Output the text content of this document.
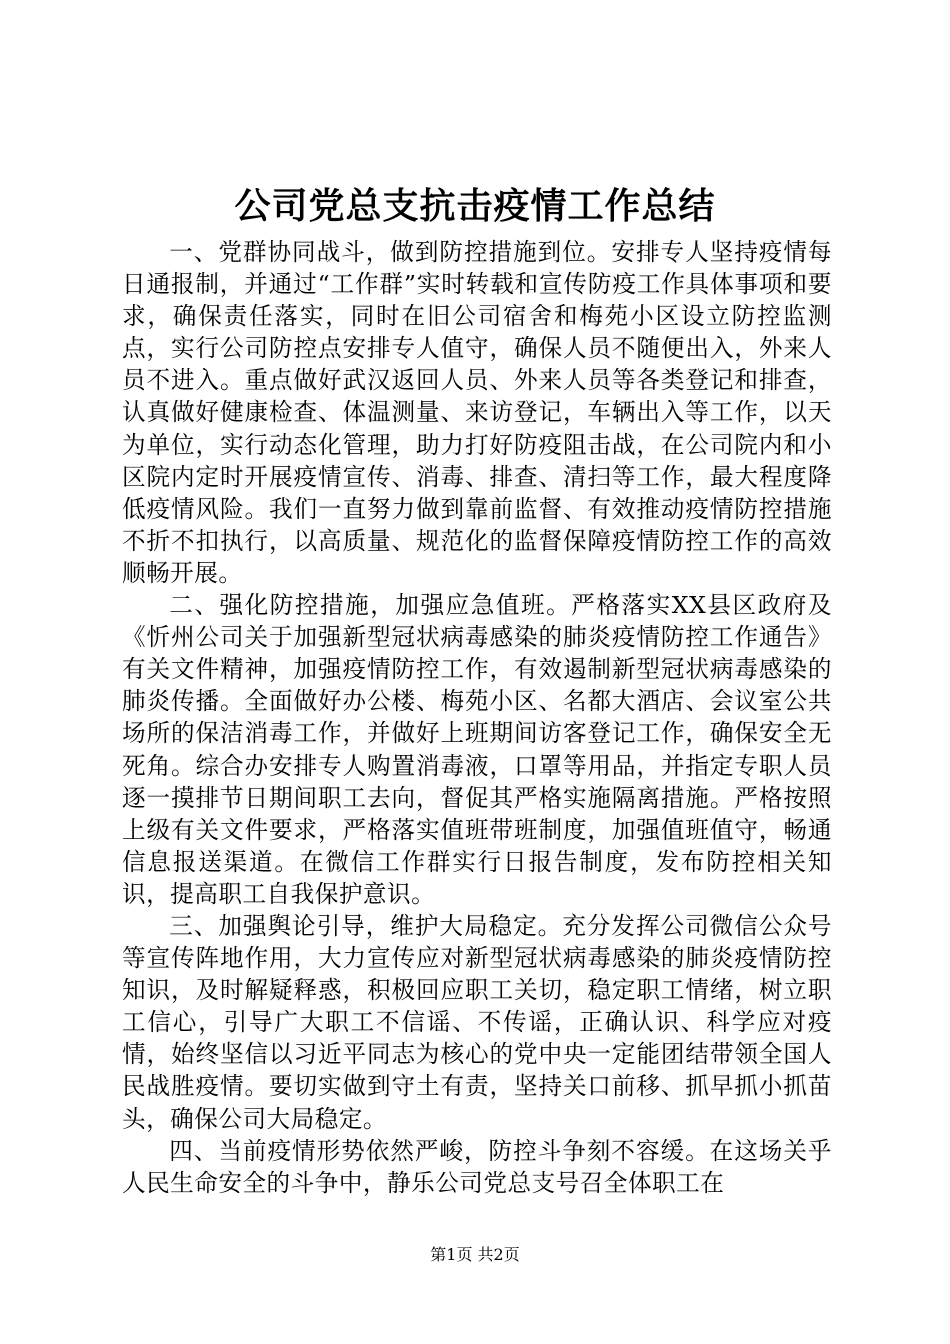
公司党总支抗击疫情工作总结

一、党群协同战斗，做到防控措施到位。安排专人坚持疫情每日通报制，并通过“工作群”实时转载和宣传防疫工作具体事项和要求，确保责任落实，同时在旧公司宿舍和梅苑小区设立防控监测点，实行公司防控点安排专人值守，确保人员不随便出入，外来人员不进入。重点做好武汉返回人员、外来人员等各类登记和排查，认真做好健康检查、体温测量、来访登记，车辆出入等工作，以天为单位，实行动态化管理，助力打好防疫阻击战，在公司院内和小区院内定时开展疫情宣传、消毒、排查、清扫等工作，最大程度降低疫情风险。我们一直努力做到靠前监督、有效推动疫情防控措施不折不扣执行，以高质量、规范化的监督保障疫情防控工作的高效顺畅开展。

二、强化防控措施，加强应急值班。严格落实XX县区政府及《忻州公司关于加强新型冠状病毒感染的肺炎疫情防控工作通告》有关文件精神，加强疫情防控工作，有效遏制新型冠状病毒感染的肺炎传播。全面做好办公楼、梅苑小区、名都大酒店、会议室公共场所的保洁消毒工作，并做好上班期间访客登记工作，确保安全无死角。综合办安排专人购置消毒液，口罩等用品，并指定专职人员逐一摸排节日期间职工去向，督促其严格实施隔离措施。严格按照上级有关文件要求，严格落实值班带班制度，加强值班值守，畅通信息报送渠道。在微信工作群实行日报告制度，发布防控相关知识，提高职工自我保护意识。

三、加强舆论引导，维护大局稳定。充分发挥公司微信公众号等宣传阵地作用，大力宣传应对新型冠状病毒感染的肺炎疫情防控知识，及时解疑释惑，积极回应职工关切，稳定职工情绪，树立职工信心，引导广大职工不信谣、不传谣，正确认识、科学应对疫情，始终坚信以习近平同志为核心的党中央一定能团结带领全国人民战胜疫情。要切实做到守土有责，坚持关口前移、抓早抓小抓苗头，确保公司大局稳定。

四、当前疫情形势依然严峻，防控斗争刻不容缓。在这场关乎人民生命安全的斗争中，静乐公司党总支号召全体职工在

第1页 共2页
